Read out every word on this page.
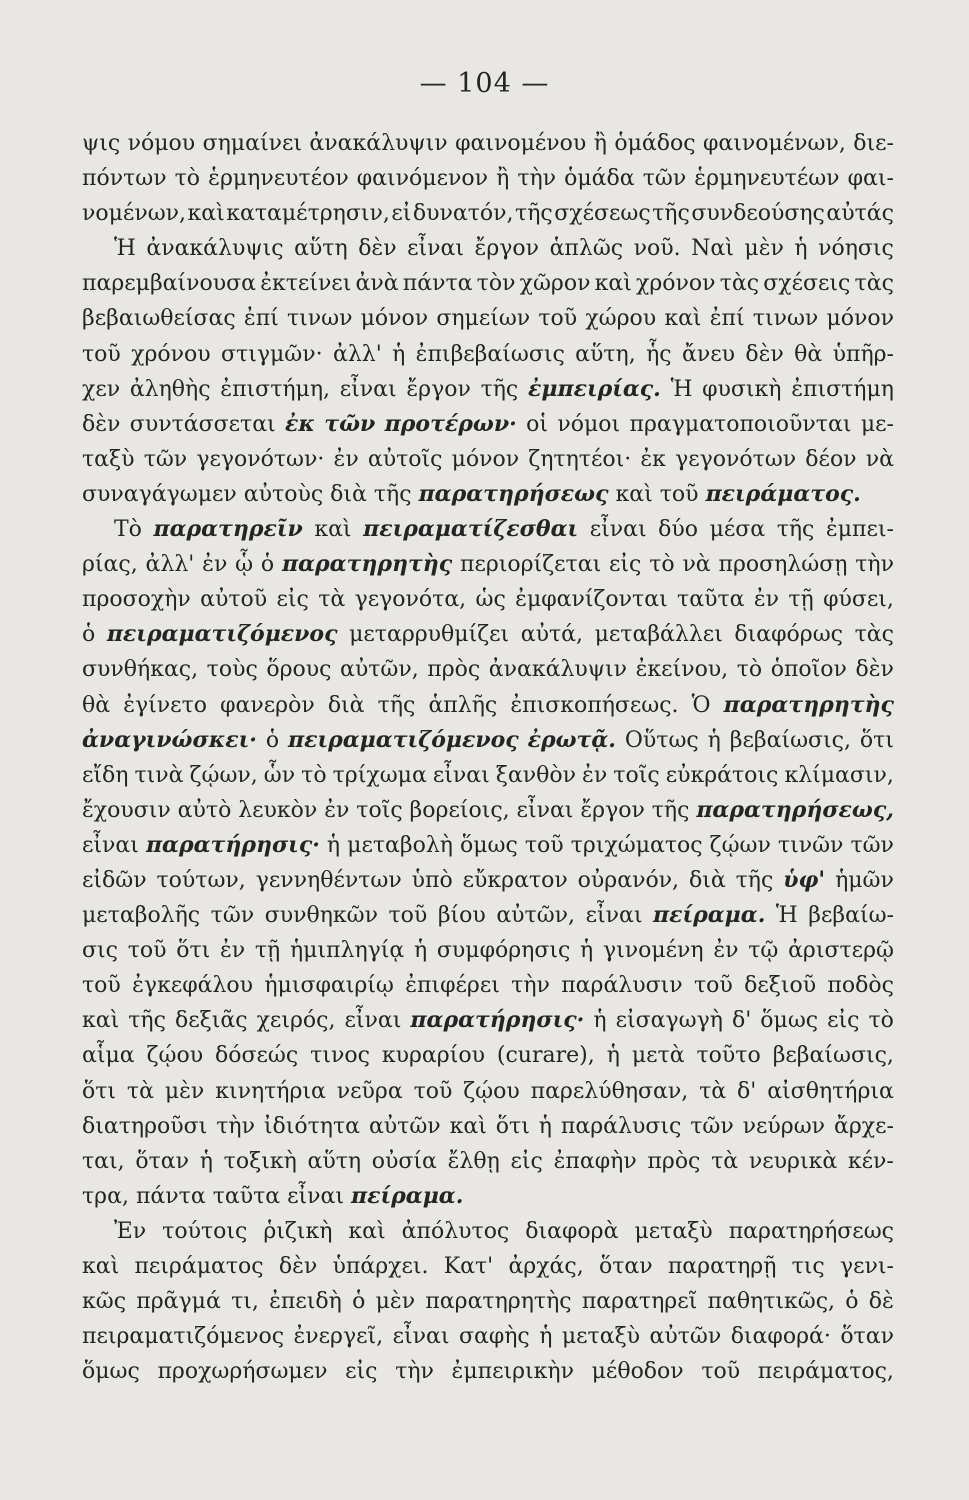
— 104 —
ψις νόμου σημαίνει ἀνακάλυψιν φαινομένου ἢ ὁμάδος φαινομένων, διε-
πόντων τὸ ἑρμηνευτέον φαινόμενον ἢ τὴν ὁμάδα τῶν ἑρμηνευτέων φαι-
νομένων, καὶ καταμέτρησιν, εἰ δυνατόν, τῆς σχέσεως τῆς συνδεούσης αὐτάς
Ἡ ἀνακάλυψις αὕτη δὲν εἶναι ἔργον ἁπλῶς νοῦ. Ναὶ μὲν ἡ νόησις
παρεμβαίνουσα ἐκτείνει ἀνὰ πάντα τὸν χῶρον καὶ χρόνον τὰς σχέσεις τὰς
βεβαιωθείσας ἐπί τινων μόνον σημείων τοῦ χώρου καὶ ἐπί τινων μόνον
τοῦ χρόνου στιγμῶν· ἀλλ' ἡ ἐπιβεβαίωσις αὕτη, ἧς ἄνευ δὲν θὰ ὑπῆρ-
χεν ἀληθὴς ἐπιστήμη, εἶναι ἔργον τῆς ἐμπειρίας. Ἡ φυσικὴ ἐπιστήμη
δὲν συντάσσεται ἐκ τῶν προτέρων· οἱ νόμοι πραγματοποιοῦνται με-
ταξὺ τῶν γεγονότων· ἐν αὐτοῖς μόνον ζητητέοι· ἐκ γεγονότων δέον νὰ
συναγάγωμεν αὐτοὺς διὰ τῆς παρατηρήσεως καὶ τοῦ πειράματος.
Τὸ παρατηρεῖν καὶ πειραματίζεσθαι εἶναι δύο μέσα τῆς ἐμπει-
ρίας, ἀλλ' ἐν ᾧ ὁ παρατηρητὴς περιορίζεται εἰς τὸ νὰ προσηλώσῃ τὴν
προσοχὴν αὐτοῦ εἰς τὰ γεγονότα, ὡς ἐμφανίζονται ταῦτα ἐν τῇ φύσει,
ὁ πειραματιζόμενος μεταρρυθμίζει αὐτά, μεταβάλλει διαφόρως τὰς
συνθήκας, τοὺς ὅρους αὐτῶν, πρὸς ἀνακάλυψιν ἐκείνου, τὸ ὁποῖον δὲν
θὰ ἐγίνετο φανερὸν διὰ τῆς ἁπλῆς ἐπισκοπήσεως. Ὁ παρατηρητὴς
ἀναγινώσκει· ὁ πειραματιζόμενος ἐρωτᾷ. Οὕτως ἡ βεβαίωσις, ὅτι
εἴδη τινὰ ζῴων, ὧν τὸ τρίχωμα εἶναι ξανθὸν ἐν τοῖς εὐκράτοις κλίμασιν,
ἔχουσιν αὐτὸ λευκὸν ἐν τοῖς βορείοις, εἶναι ἔργον τῆς παρατηρήσεως,
εἶναι παρατήρησις· ἡ μεταβολὴ ὅμως τοῦ τριχώματος ζῴων τινῶν τῶν
εἰδῶν τούτων, γεννηθέντων ὑπὸ εὔκρατον οὐρανόν, διὰ τῆς ὑφ' ἡμῶν
μεταβολῆς τῶν συνθηκῶν τοῦ βίου αὐτῶν, εἶναι πείραμα. Ἡ βεβαίω-
σις τοῦ ὅτι ἐν τῇ ἡμιπληγίᾳ ἡ συμφόρησις ἡ γινομένη ἐν τῷ ἀριστερῷ
τοῦ ἐγκεφάλου ἡμισφαιρίῳ ἐπιφέρει τὴν παράλυσιν τοῦ δεξιοῦ ποδὸς
καὶ τῆς δεξιᾶς χειρός, εἶναι παρατήρησις· ἡ εἰσαγωγὴ δ' ὅμως εἰς τὸ
αἷμα ζῴου δόσεώς τινος κυραρίου (curare), ἡ μετὰ τοῦτο βεβαίωσις,
ὅτι τὰ μὲν κινητήρια νεῦρα τοῦ ζῴου παρελύθησαν, τὰ δ' αἰσθητήρια
διατηροῦσι τὴν ἰδιότητα αὐτῶν καὶ ὅτι ἡ παράλυσις τῶν νεύρων ἄρχε-
ται, ὅταν ἡ τοξικὴ αὕτη οὐσία ἔλθῃ εἰς ἐπαφὴν πρὸς τὰ νευρικὰ κέν-
τρα, πάντα ταῦτα εἶναι πείραμα.
Ἐν τούτοις ῥιζικὴ καὶ ἀπόλυτος διαφορὰ μεταξὺ παρατηρήσεως
καὶ πειράματος δὲν ὑπάρχει. Κατ' ἀρχάς, ὅταν παρατηρῇ τις γενι-
κῶς πρᾶγμά τι, ἐπειδὴ ὁ μὲν παρατηρητὴς παρατηρεῖ παθητικῶς, ὁ δὲ
πειραματιζόμενος ἐνεργεῖ, εἶναι σαφὴς ἡ μεταξὺ αὐτῶν διαφορά· ὅταν
ὅμως προχωρήσωμεν εἰς τὴν ἐμπειρικὴν μέθοδον τοῦ πειράματος,
